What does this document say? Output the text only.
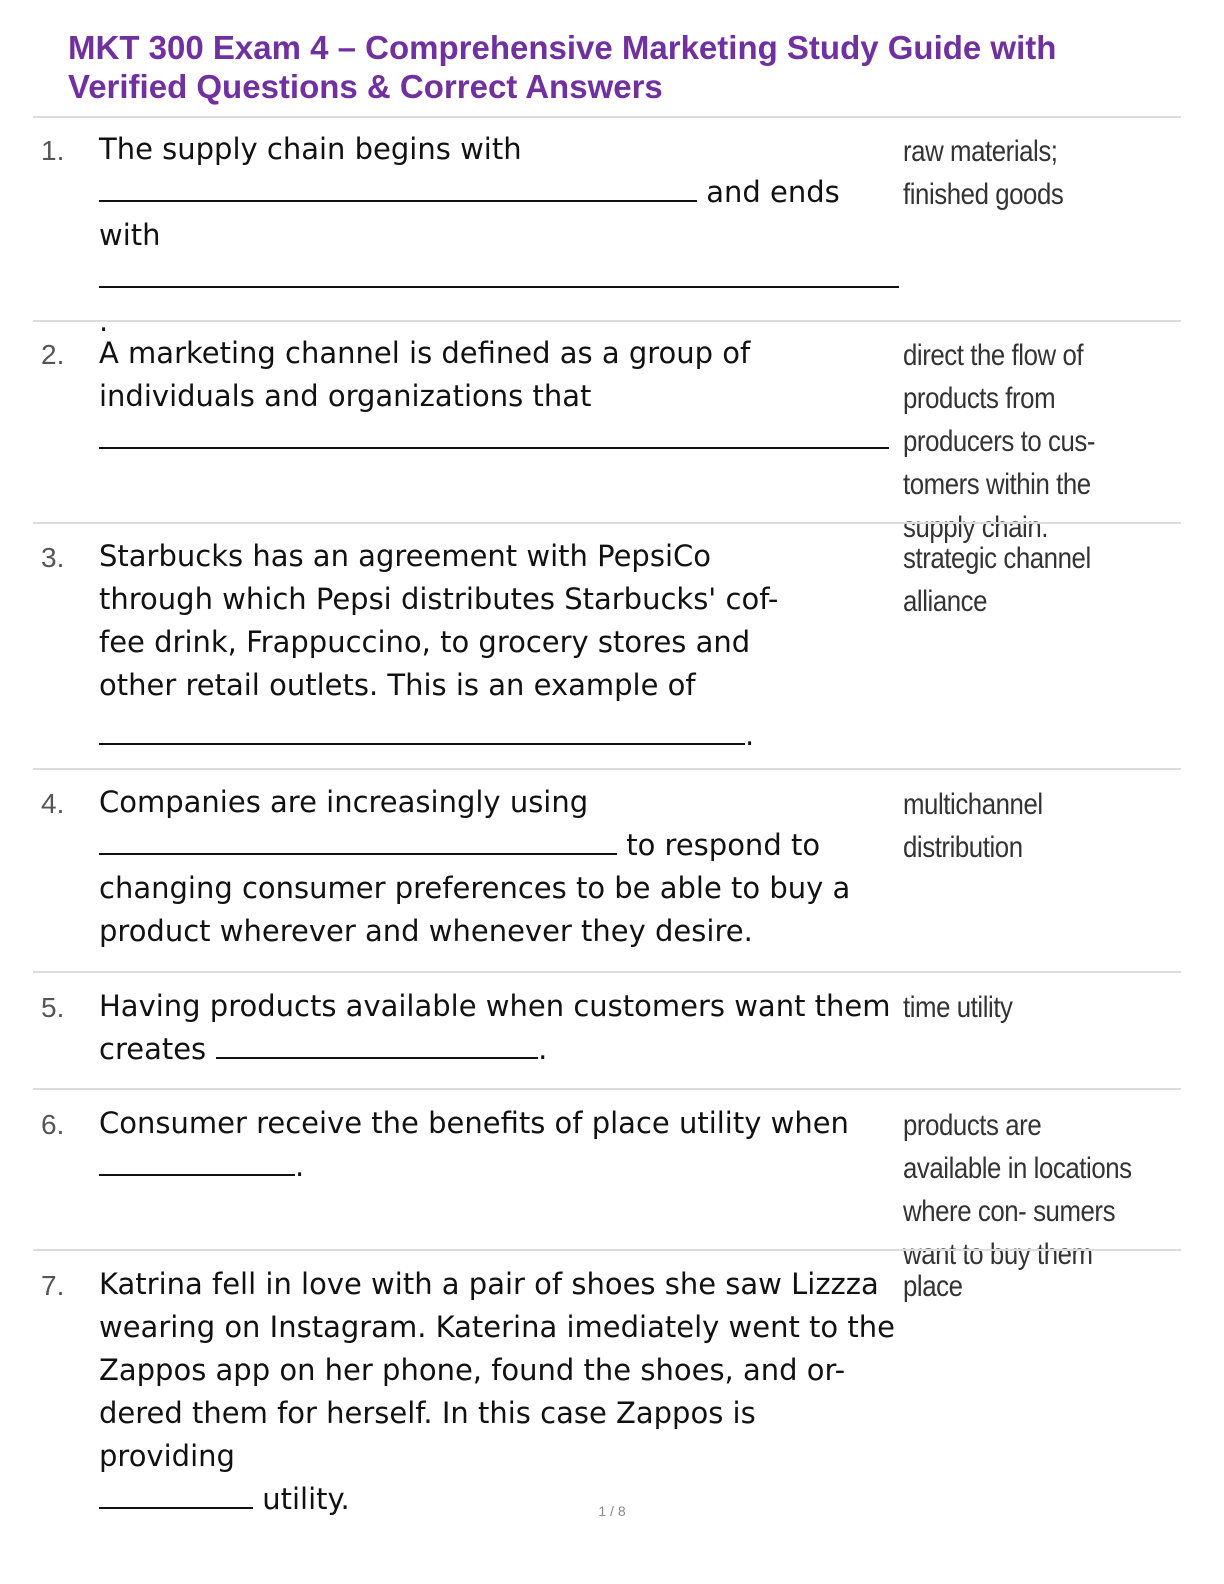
MKT 300 Exam 4 – Comprehensive Marketing Study Guide with Verified Questions & Correct Answers
1. The supply chain begins with and ends with.
raw materials; finished goods
2. A marketing channel is defined as a group of individuals and organizations that
direct the flow of products from producers to cus- tomers within the supply chain.
3. Starbucks has an agreement with PepsiCo through which Pepsi distributes Starbucks' cof- fee drink, Frappuccino, to grocery stores and other retail outlets. This is an example of
.
strategic channel alliance
4. Companies are increasingly using
to respond to changing consumer preferences to be able to buy a product wherever and whenever they desire.
multichannel distribution
5. Having products available when customers want them creates	.
time utility
6. Consumer receive the benefits of place utility when
.
products are available in locations where con- sumers want to buy them
7. Katrina fell in love with a pair of shoes she saw Lizzza wearing on Instagram. Katerina imediately went to the Zappos app on her phone, found the shoes, and or- dered them for herself. In this case Zappos is providing
utility.
place
1 / 8
